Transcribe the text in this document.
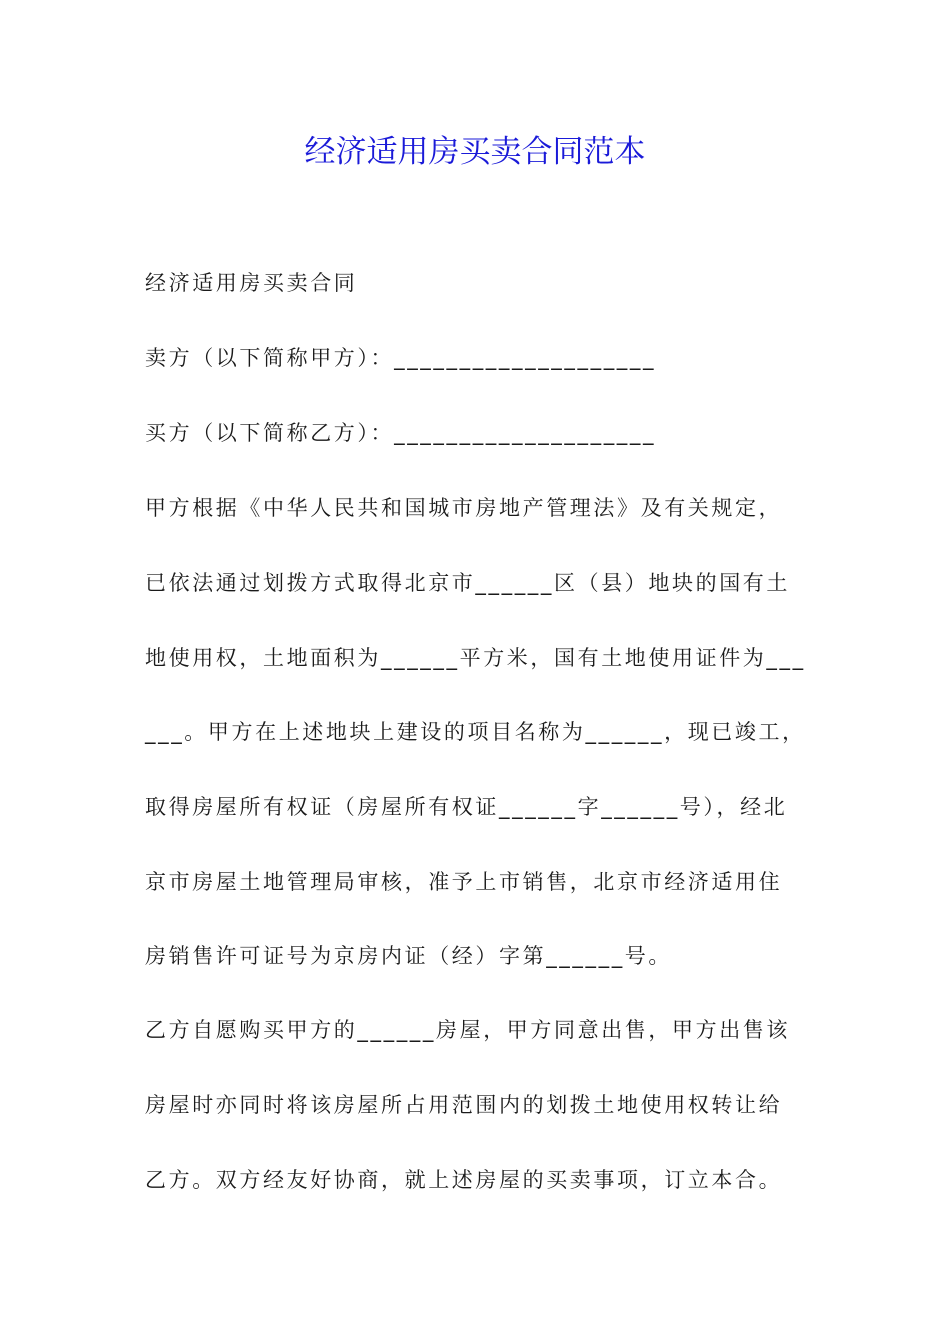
经济适用房买卖合同范本

经济适用房买卖合同

卖方（以下简称甲方）：____________________

买方（以下简称乙方）：____________________

甲方根据《中华人民共和国城市房地产管理法》及有关规定，

已依法通过划拨方式取得北京市______区（县）地块的国有土

地使用权，土地面积为______平方米，国有土地使用证件为___

___。甲方在上述地块上建设的项目名称为______，现已竣工，

取得房屋所有权证（房屋所有权证______字______号），经北

京市房屋土地管理局审核，准予上市销售，北京市经济适用住

房销售许可证号为京房内证（经）字第______号。

乙方自愿购买甲方的______房屋，甲方同意出售，甲方出售该

房屋时亦同时将该房屋所占用范围内的划拨土地使用权转让给

乙方。双方经友好协商，就上述房屋的买卖事项，订立本合。
